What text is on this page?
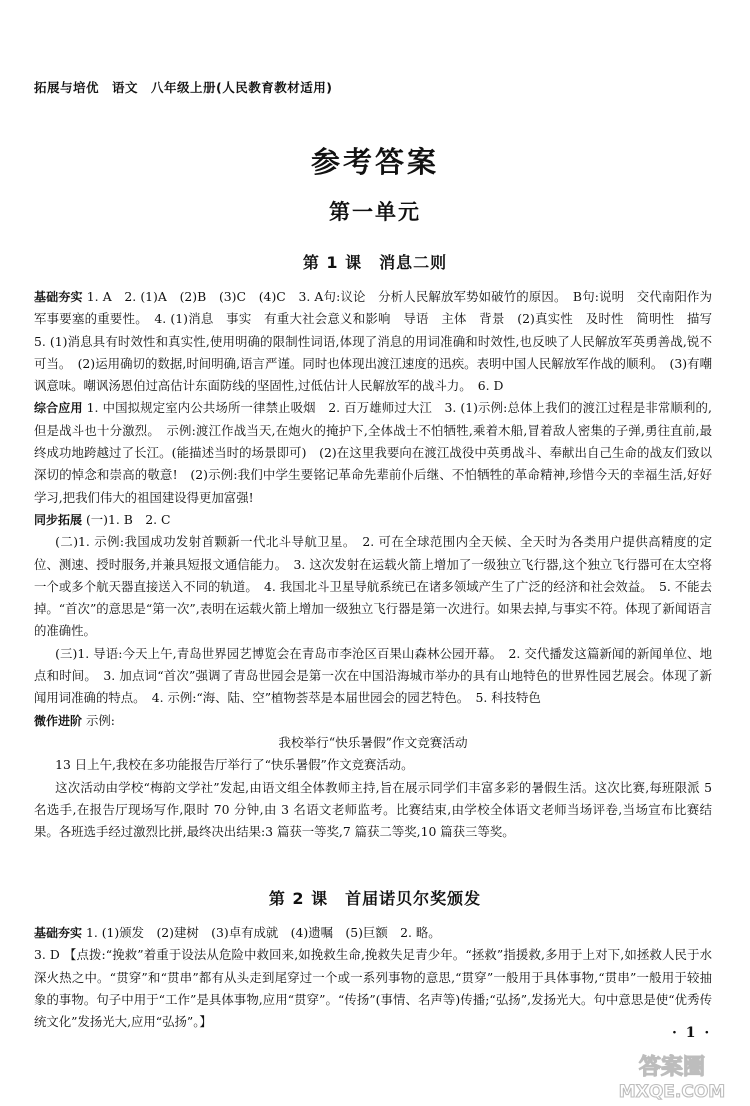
拓展与培优　语文　八年级上册(人民教育教材适用)
参考答案
第一单元
第 1 课　消息二则

基础夯实 1. A　2. (1)A　(2)B　(3)C　(4)C　3. A句:议论　分析人民解放军势如破竹的原因。　B句:说明　交代南阳作为军事要塞的重要性。　4. (1)消息　事实　有重大社会意义和影响　导语　主体　背景　(2)真实性　及时性　简明性　描写　5. (1)消息具有时效性和真实性,使用明确的限制性词语,体现了消息的用词准确和时效性,也反映了人民解放军英勇善战,锐不可当。　(2)运用确切的数据,时间明确,语言严谨。同时也体现出渡江速度的迅疾。表明中国人民解放军作战的顺利。　(3)有嘲讽意味。嘲讽汤恩伯过高估计东面防线的坚固性,过低估计人民解放军的战斗力。　6. D

综合应用 1. 中国拟规定室内公共场所一律禁止吸烟　2. 百万雄师过大江　3. (1)示例:总体上我们的渡江过程是非常顺利的,但是战斗也十分激烈。　示例:渡江作战当天,在炮火的掩护下,全体战士不怕牺牲,乘着木船,冒着敌人密集的子弹,勇往直前,最终成功地跨越过了长江。(能描述当时的场景即可)　(2)在这里我要向在渡江战役中英勇战斗、奉献出自己生命的战友们致以深切的悼念和崇高的敬意!　(2)示例:我们中学生要铭记革命先辈前仆后继、不怕牺牲的革命精神,珍惜今天的幸福生活,好好学习,把我们伟大的祖国建设得更加富强!

同步拓展 (一)1. B　2. C

(二)1. 示例:我国成功发射首颗新一代北斗导航卫星。　2. 可在全球范围内全天候、全天时为各类用户提供高精度的定位、测速、授时服务,并兼具短报文通信能力。　3. 这次发射在运载火箭上增加了一级独立飞行器,这个独立飞行器可在太空将一个或多个航天器直接送入不同的轨道。　4. 我国北斗卫星导航系统已在诸多领域产生了广泛的经济和社会效益。　5. 不能去掉。“首次”的意思是“第一次”,表明在运载火箭上增加一级独立飞行器是第一次进行。如果去掉,与事实不符。体现了新闻语言的准确性。

(三)1. 导语:今天上午,青岛世界园艺博览会在青岛市李沧区百果山森林公园开幕。　2. 交代播发这篇新闻的新闻单位、地点和时间。　3. 加点词“首次”强调了青岛世园会是第一次在中国沿海城市举办的具有山地特色的世界性园艺展会。体现了新闻用词准确的特点。　4. 示例:“海、陆、空”植物荟萃是本届世园会的园艺特色。　5. 科技特色

微作进阶 示例:

我校举行“快乐暑假”作文竞赛活动

13 日上午,我校在多功能报告厅举行了“快乐暑假”作文竞赛活动。

这次活动由学校“梅韵文学社”发起,由语文组全体教师主持,旨在展示同学们丰富多彩的暑假生活。这次比赛,每班限派 5 名选手,在报告厅现场写作,限时 70 分钟,由 3 名语文老师监考。比赛结束,由学校全体语文老师当场评卷,当场宣布比赛结果。各班选手经过激烈比拼,最终决出结果:3 篇获一等奖,7 篇获二等奖,10 篇获三等奖。

第 2 课　首届诺贝尔奖颁发

基础夯实 1. (1)颁发　(2)建树　(3)卓有成就　(4)遗嘱　(5)巨额　2. 略。

3. D 【点拨:“挽救”着重于设法从危险中救回来,如挽救生命,挽救失足青少年。“拯救”指援救,多用于上对下,如拯救人民于水深火热之中。“贯穿”和“贯串”都有从头走到尾穿过一个或一系列事物的意思,“贯穿”一般用于具体事物,“贯串”一般用于较抽象的事物。句子中用于“工作”是具体事物,应用“贯穿”。“传扬”(事情、名声等)传播;“弘扬”,发扬光大。句中意思是使“优秀传统文化”发扬光大,应用“弘扬”。】

· 1 ·
答案圈
MXQE.COM
